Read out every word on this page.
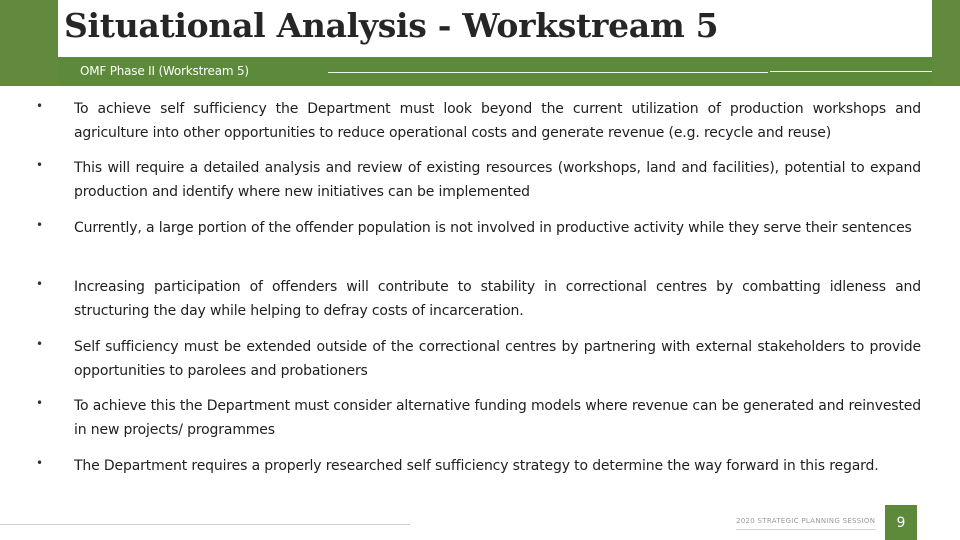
Situational Analysis - Workstream 5
OMF Phase II (Workstream 5)
• To achieve self sufficiency the Department must look beyond the current utilization of production workshops and agriculture into other opportunities to reduce operational costs and generate revenue (e.g. recycle and reuse)
• This will require a detailed analysis and review of existing resources (workshops, land and facilities), potential to expand production and identify where new initiatives can be implemented
• Currently, a large portion of the offender population is not involved in productive activity while they serve their sentences
• Increasing participation of offenders will contribute to stability in correctional centres by combatting idleness and structuring the day while helping to defray costs of incarceration.
• Self sufficiency must be extended outside of the correctional centres by partnering with external stakeholders to provide opportunities to parolees and probationers
• To achieve this the Department must consider alternative funding models where revenue can be generated and reinvested in new projects/ programmes
• The Department requires a properly researched self sufficiency strategy to determine the way forward in this regard.
2020 STRATEGIC PLANNING SESSION	9
